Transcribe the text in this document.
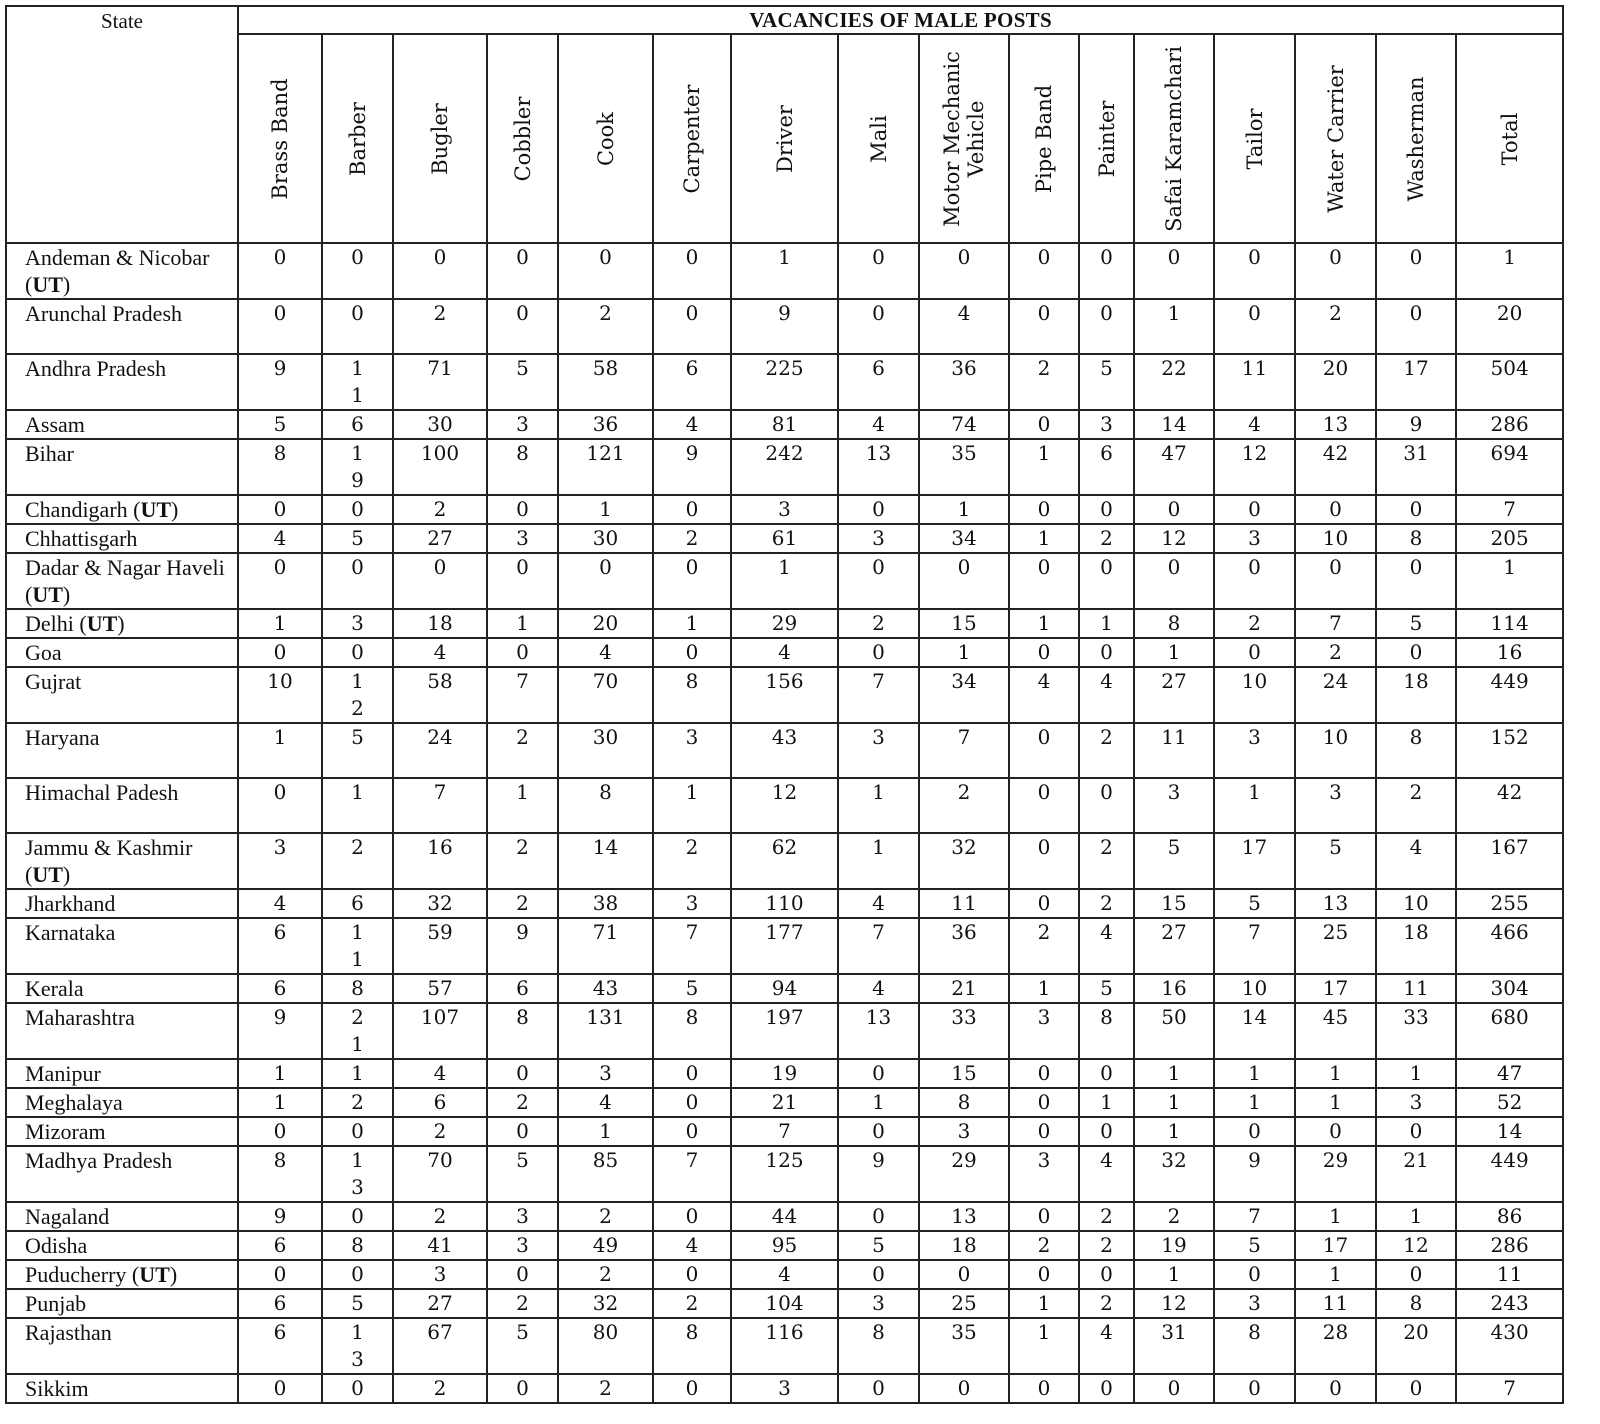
State	VACANCIES OF MALE POSTS															

	Brass Band	Barber	Bugler	Cobbler	Cook	Carpenter	Driver	Mali	Motor Mechanic
Vehicle	Pipe Band	Painter	Safai Karamchari	Tailor	Water Carrier	Washerman	Total

Andeman & Nicobar (UT)	0	0	0	0	0	0	1	0	0	0	0	0	0	0	0	1
Arunchal Pradesh	0	0	2	0	2	0	9	0	4	0	0	1	0	2	0	20
Andhra Pradesh	9	11	71	5	58	6	225	6	36	2	5	22	11	20	17	504
Assam	5	6	30	3	36	4	81	4	74	0	3	14	4	13	9	286
Bihar	8	19	100	8	121	9	242	13	35	1	6	47	12	42	31	694
Chandigarh (UT)	0	0	2	0	1	0	3	0	1	0	0	0	0	0	0	7
Chhattisgarh	4	5	27	3	30	2	61	3	34	1	2	12	3	10	8	205
Dadar & Nagar Haveli (UT)	0	0	0	0	0	0	1	0	0	0	0	0	0	0	0	1
Delhi (UT)	1	3	18	1	20	1	29	2	15	1	1	8	2	7	5	114
Goa	0	0	4	0	4	0	4	0	1	0	0	1	0	2	0	16
Gujrat	10	12	58	7	70	8	156	7	34	4	4	27	10	24	18	449
Haryana	1	5	24	2	30	3	43	3	7	0	2	11	3	10	8	152
Himachal Padesh	0	1	7	1	8	1	12	1	2	0	0	3	1	3	2	42
Jammu & Kashmir (UT)	3	2	16	2	14	2	62	1	32	0	2	5	17	5	4	167
Jharkhand	4	6	32	2	38	3	110	4	11	0	2	15	5	13	10	255
Karnataka	6	11	59	9	71	7	177	7	36	2	4	27	7	25	18	466
Kerala	6	8	57	6	43	5	94	4	21	1	5	16	10	17	11	304
Maharashtra	9	21	107	8	131	8	197	13	33	3	8	50	14	45	33	680
Manipur	1	1	4	0	3	0	19	0	15	0	0	1	1	1	1	47
Meghalaya	1	2	6	2	4	0	21	1	8	0	1	1	1	1	3	52
Mizoram	0	0	2	0	1	0	7	0	3	0	0	1	0	0	0	14
Madhya Pradesh	8	13	70	5	85	7	125	9	29	3	4	32	9	29	21	449
Nagaland	9	0	2	3	2	0	44	0	13	0	2	2	7	1	1	86
Odisha	6	8	41	3	49	4	95	5	18	2	2	19	5	17	12	286
Puducherry (UT)	0	0	3	0	2	0	4	0	0	0	0	1	0	1	0	11
Punjab	6	5	27	2	32	2	104	3	25	1	2	12	3	11	8	243
Rajasthan	6	13	67	5	80	8	116	8	35	1	4	31	8	28	20	430
Sikkim	0	0	2	0	2	0	3	0	0	0	0	0	0	0	0	7
